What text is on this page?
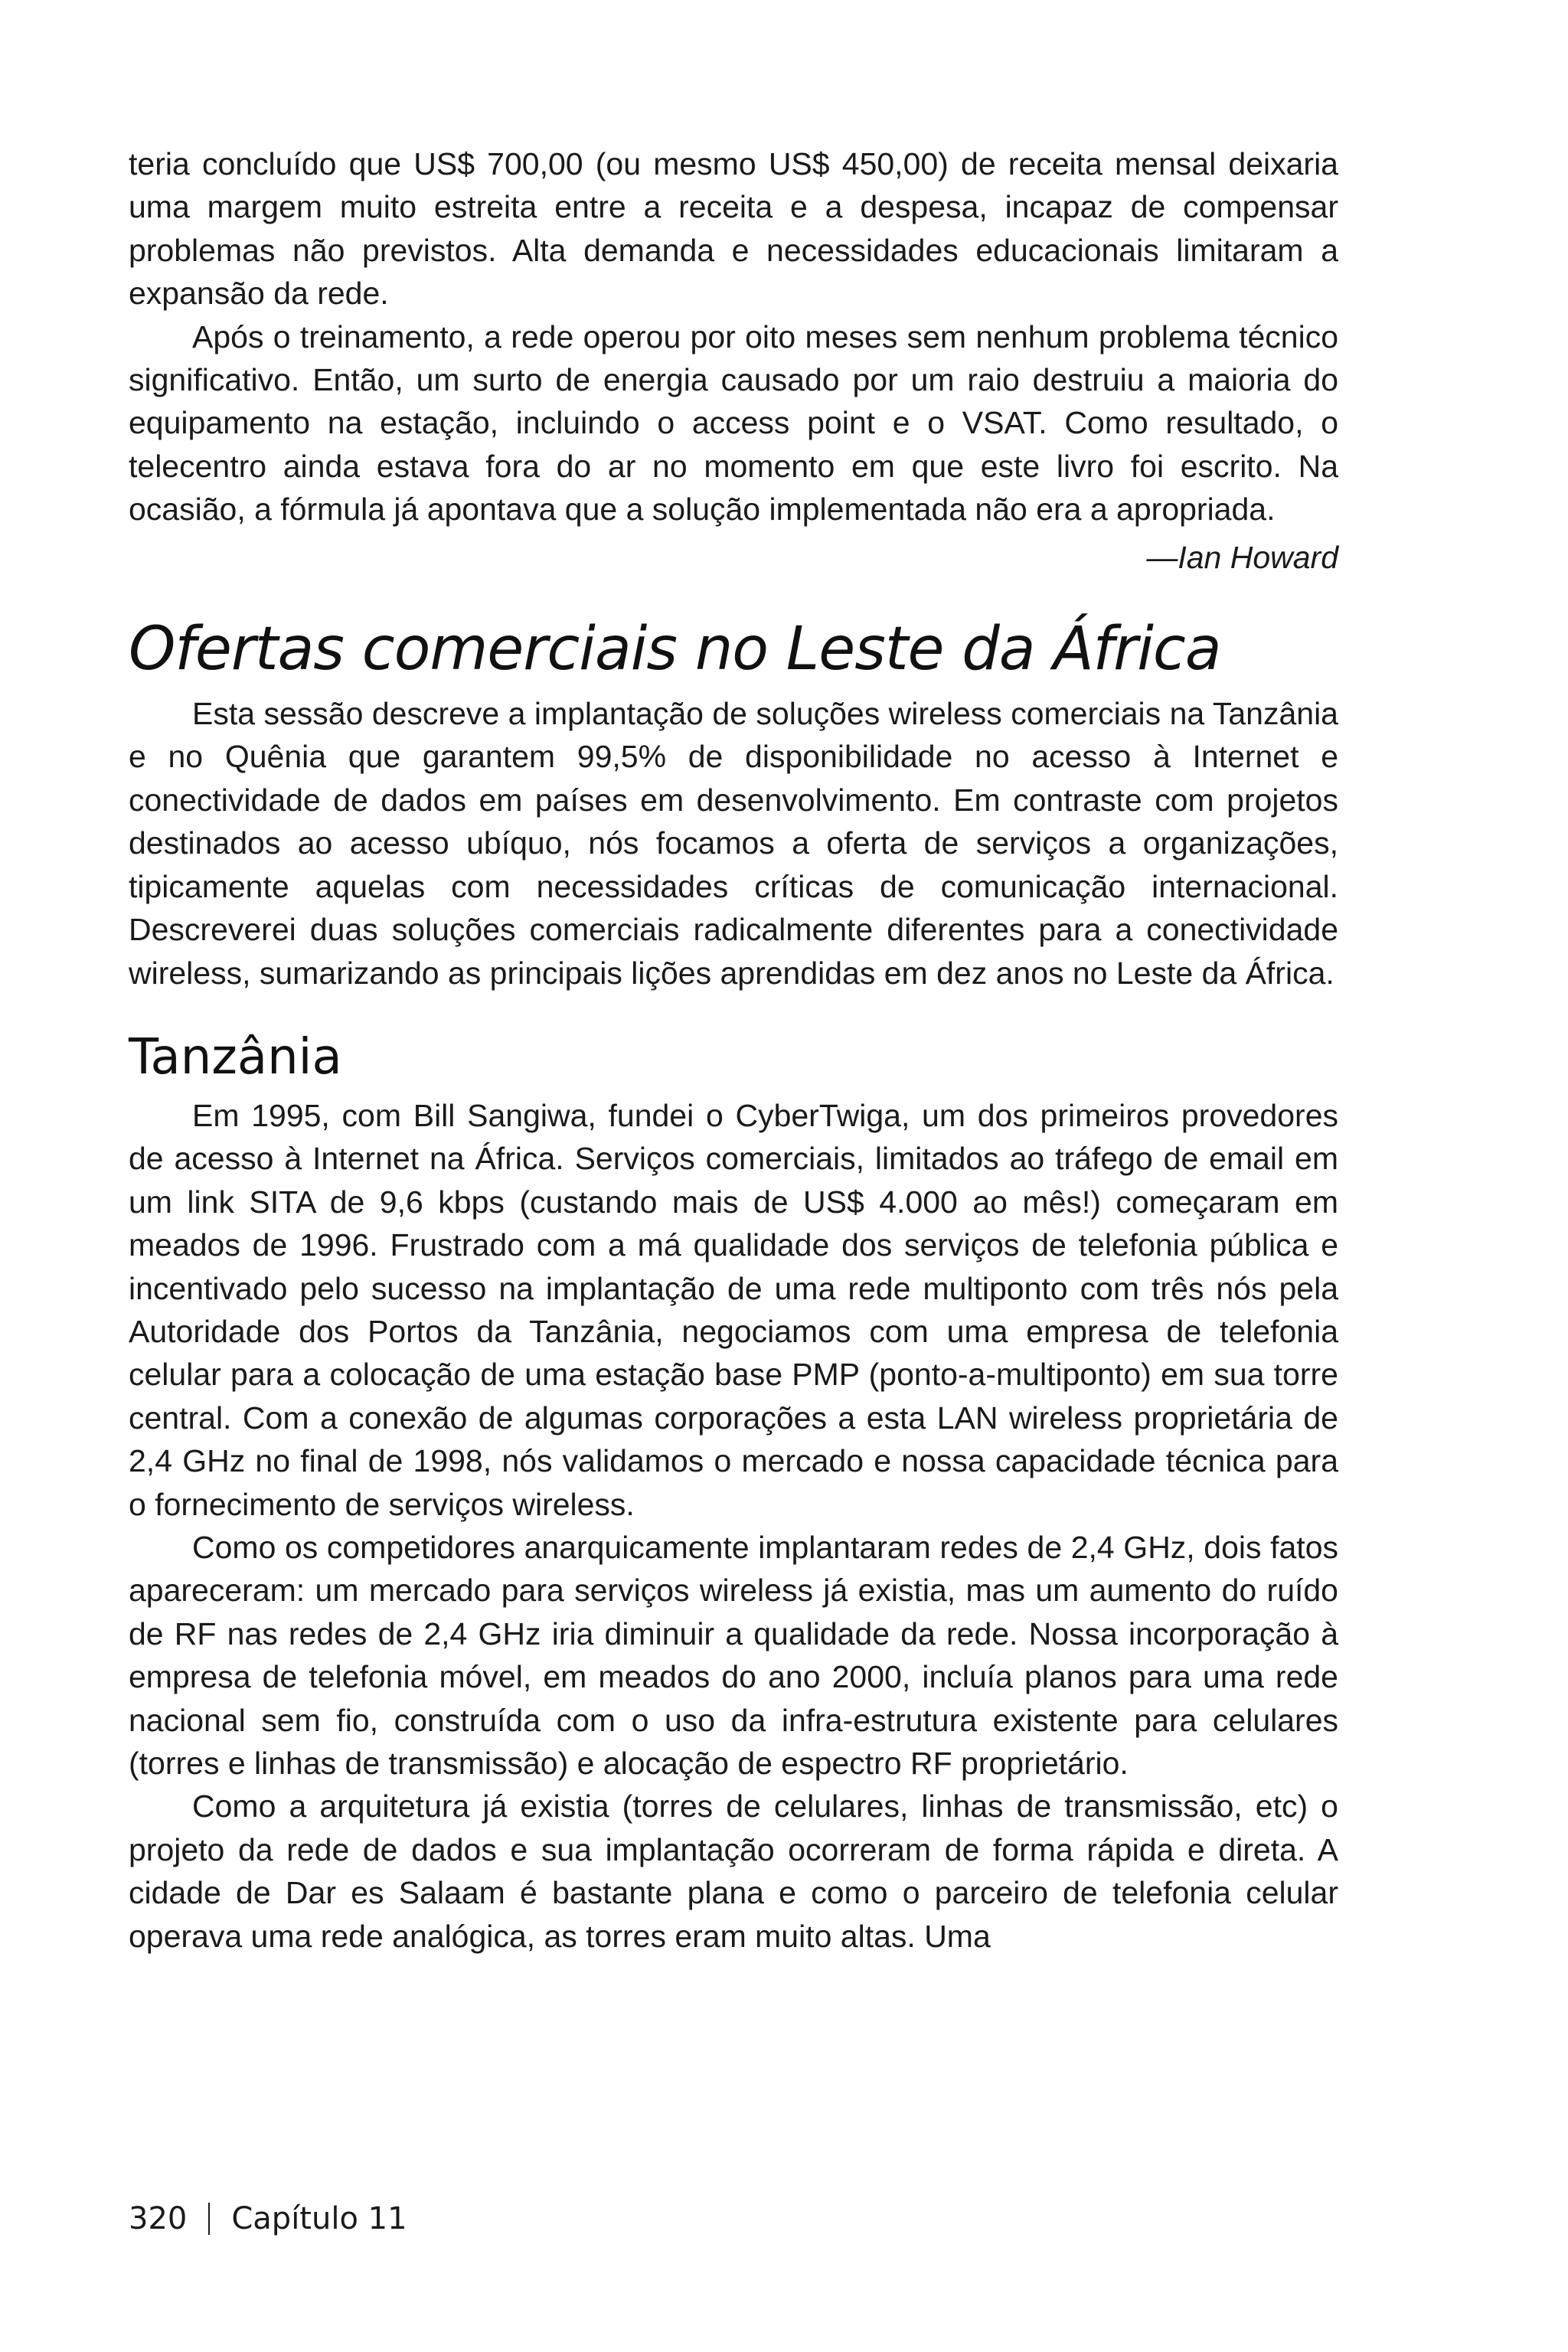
teria concluído que US$ 700,00 (ou mesmo US$ 450,00) de receita mensal deixaria uma margem muito estreita entre a receita e a despesa, incapaz de compensar problemas não previstos. Alta demanda e necessidades educacionais limitaram a expansão da rede.

Após o treinamento, a rede operou por oito meses sem nenhum problema técnico significativo. Então, um surto de energia causado por um raio destruiu a maioria do equipamento na estação, incluindo o access point e o VSAT. Como resultado, o telecentro ainda estava fora do ar no momento em que este livro foi escrito. Na ocasião, a fórmula já apontava que a solução implementada não era a apropriada.

—Ian Howard

Ofertas comerciais no Leste da África

Esta sessão descreve a implantação de soluções wireless comerciais na Tanzânia e no Quênia que garantem 99,5% de disponibilidade no acesso à Internet e conectividade de dados em países em desenvolvimento. Em contraste com projetos destinados ao acesso ubíquo, nós focamos a oferta de serviços a organizações, tipicamente aquelas com necessidades críticas de comunicação internacional. Descreverei duas soluções comerciais radicalmente diferentes para a conectividade wireless, sumarizando as principais lições aprendidas em dez anos no Leste da África.

Tanzânia

Em 1995, com Bill Sangiwa, fundei o CyberTwiga, um dos primeiros provedores de acesso à Internet na África. Serviços comerciais, limitados ao tráfego de email em um link SITA de 9,6 kbps (custando mais de US$ 4.000 ao mês!) começaram em meados de 1996. Frustrado com a má qualidade dos serviços de telefonia pública e incentivado pelo sucesso na implantação de uma rede multiponto com três nós pela Autoridade dos Portos da Tanzânia, negociamos com uma empresa de telefonia celular para a colocação de uma estação base PMP (ponto-a-multiponto) em sua torre central. Com a conexão de algumas corporações a esta LAN wireless proprietária de 2,4 GHz no final de 1998, nós validamos o mercado e nossa capacidade técnica para o fornecimento de serviços wireless.

Como os competidores anarquicamente implantaram redes de 2,4 GHz, dois fatos apareceram: um mercado para serviços wireless já existia, mas um aumento do ruído de RF nas redes de 2,4 GHz iria diminuir a qualidade da rede. Nossa incorporação à empresa de telefonia móvel, em meados do ano 2000, incluía planos para uma rede nacional sem fio, construída com o uso da infra-estrutura existente para celulares (torres e linhas de transmissão) e alocação de espectro RF proprietário.

Como a arquitetura já existia (torres de celulares, linhas de transmissão, etc) o projeto da rede de dados e sua implantação ocorreram de forma rápida e direta. A cidade de Dar es Salaam é bastante plana e como o parceiro de telefonia celular operava uma rede analógica, as torres eram muito altas. Uma

320 Capítulo 11
